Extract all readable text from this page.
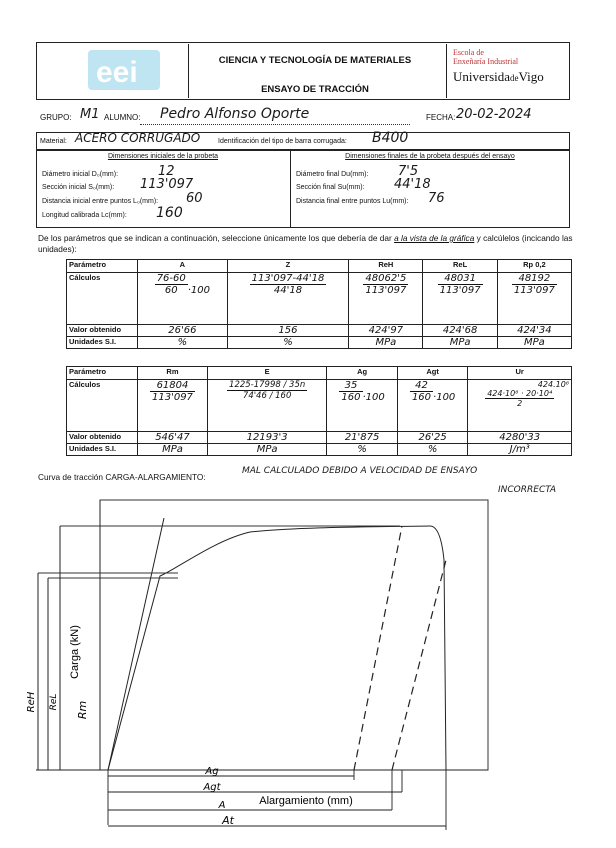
eei	CIENCIA Y TECNOLOGÍA DE MATERIALES
ENSAYO DE TRACCIÓN
Escola de
Enxeñaría Industrial
UniversidadeVigo
GRUPO: M1 ALUMNO: Pedro Alfonso Oporte	FECHA: 20-02-2024
Material: ACERO CORRUGADO	Identificación del tipo de barra corrugada: B400
Dimensiones iniciales de la probeta	Dimensiones finales de la probeta después del ensayo
Diámetro inicial D₀(mm):	12
Sección inicial S₀(mm): 113'097
Distancia inicial entre puntos L₀(mm): 60
Longitud calibrada Lc(mm): 160
Diámetro final Du(mm): 7'5
Sección final Su(mm): 44'18
Distancia final entre puntos Lu(mm): 76
De los parámetros que se indican a continuación, seleccione únicamente los que debería de dar a la vista de la gráfica y calcúlelos (incicando las unidades):
Parámetro	A	Z	ReH	ReL	Rp 0,2
Cálculos	$\frac{76-60}{60} \cdot 100$	$\frac{113'097-44'18}{44'18}$	$\frac{48062'5}{113'097}$	$\frac{48031}{113'097}$	$\frac{48192}{113'097}$

Valor obtenido	26'66	156	424'97	424'68	424'34
Unidades S.I.	%	%	MPa	MPa	MPa
Parámetro	Rm	E	Ag	Agt	Ur
Cálculos	$\frac{61804}{113'097}$	$\frac{1225-17998 / 35n}{74'46 / 160}$	$\frac{35}{160} \cdot 100$	$\frac{42}{160} \cdot 100$	424.10⁶
$\frac{\text{424·10⁶ · 20·10⁴}}{2}$

Valor obtenido	546'47	12193'3	21'875	26'25	4280'33
Unidades S.I.	MPa	MPa	%	%	J/m³
Curva de tracción CARGA-ALARGAMIENTO:
MAL CALCULADO DEBIDO A VELOCIDAD DE ENSAYO
INCORRECTA
Carga (kN)
Alargamiento (mm)
Rm
ReH ReL
Ag
Agt
A
At
